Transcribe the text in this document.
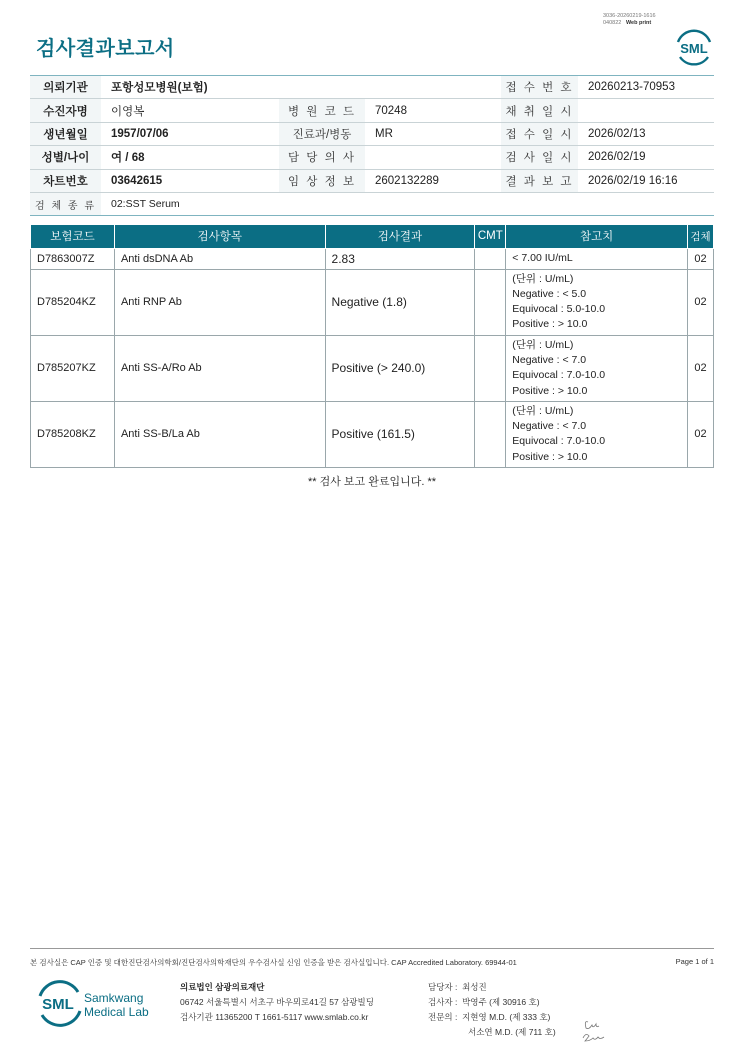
3036-20260219-1616
040822 Web print
검사결과보고서	SML
의뢰기관	포항성모병원(보험)			접 수 번 호	20260213-70953
수진자명	이영복	병 원 코 드	70248	채 취 일 시	
생년월일	1957/07/06	진료과/병동	MR	접 수 일 시	2026/02/13
성별/나이	여 / 68	담 당 의 사		검 사 일 시	2026/02/19
차트번호	03642615	임 상 정 보	2602132289	결 과 보 고	2026/02/19 16:16
검 체 종 류	02:SST Serum				
보험코드	검사항목	검사결과	CMT	참고치	검체
D7863007Z	Anti dsDNA Ab	2.83		< 7.00 IU/mL	02
D785204KZ	Anti RNP Ab	Negative (1.8)		(단위 : U/mL)
Negative : < 5.0
Equivocal : 5.0-10.0
Positive : > 10.0	02
D785207KZ	Anti SS-A/Ro Ab	Positive (> 240.0)		(단위 : U/mL)
Negative : < 7.0
Equivocal : 7.0-10.0
Positive : > 10.0	02
D785208KZ	Anti SS-B/La Ab	Positive (161.5)		(단위 : U/mL)
Negative : < 7.0
Equivocal : 7.0-10.0
Positive : > 10.0	02
** 검사 보고 완료입니다. **
본 검사실은 CAP 인증 및 대한진단검사의학회/진단검사의학재단의 우수검사실 신임 인증을 받은 검사실입니다. CAP Accredited Laboratory. 69944-01	Page 1 of 1
SML Samkwang
Medical Lab
의료법인 삼광의료재단
06742 서울특별시 서초구 바우뫼로41길 57 삼광빌딩
검사기관 11365200 T 1661-5117 www.smlab.co.kr
담당자 : 최성진
검사자 : 박영주 (제 30916 호)
전문의 : 지현영 M.D. (제 333 호)
서소연 M.D. (제 711 호)
